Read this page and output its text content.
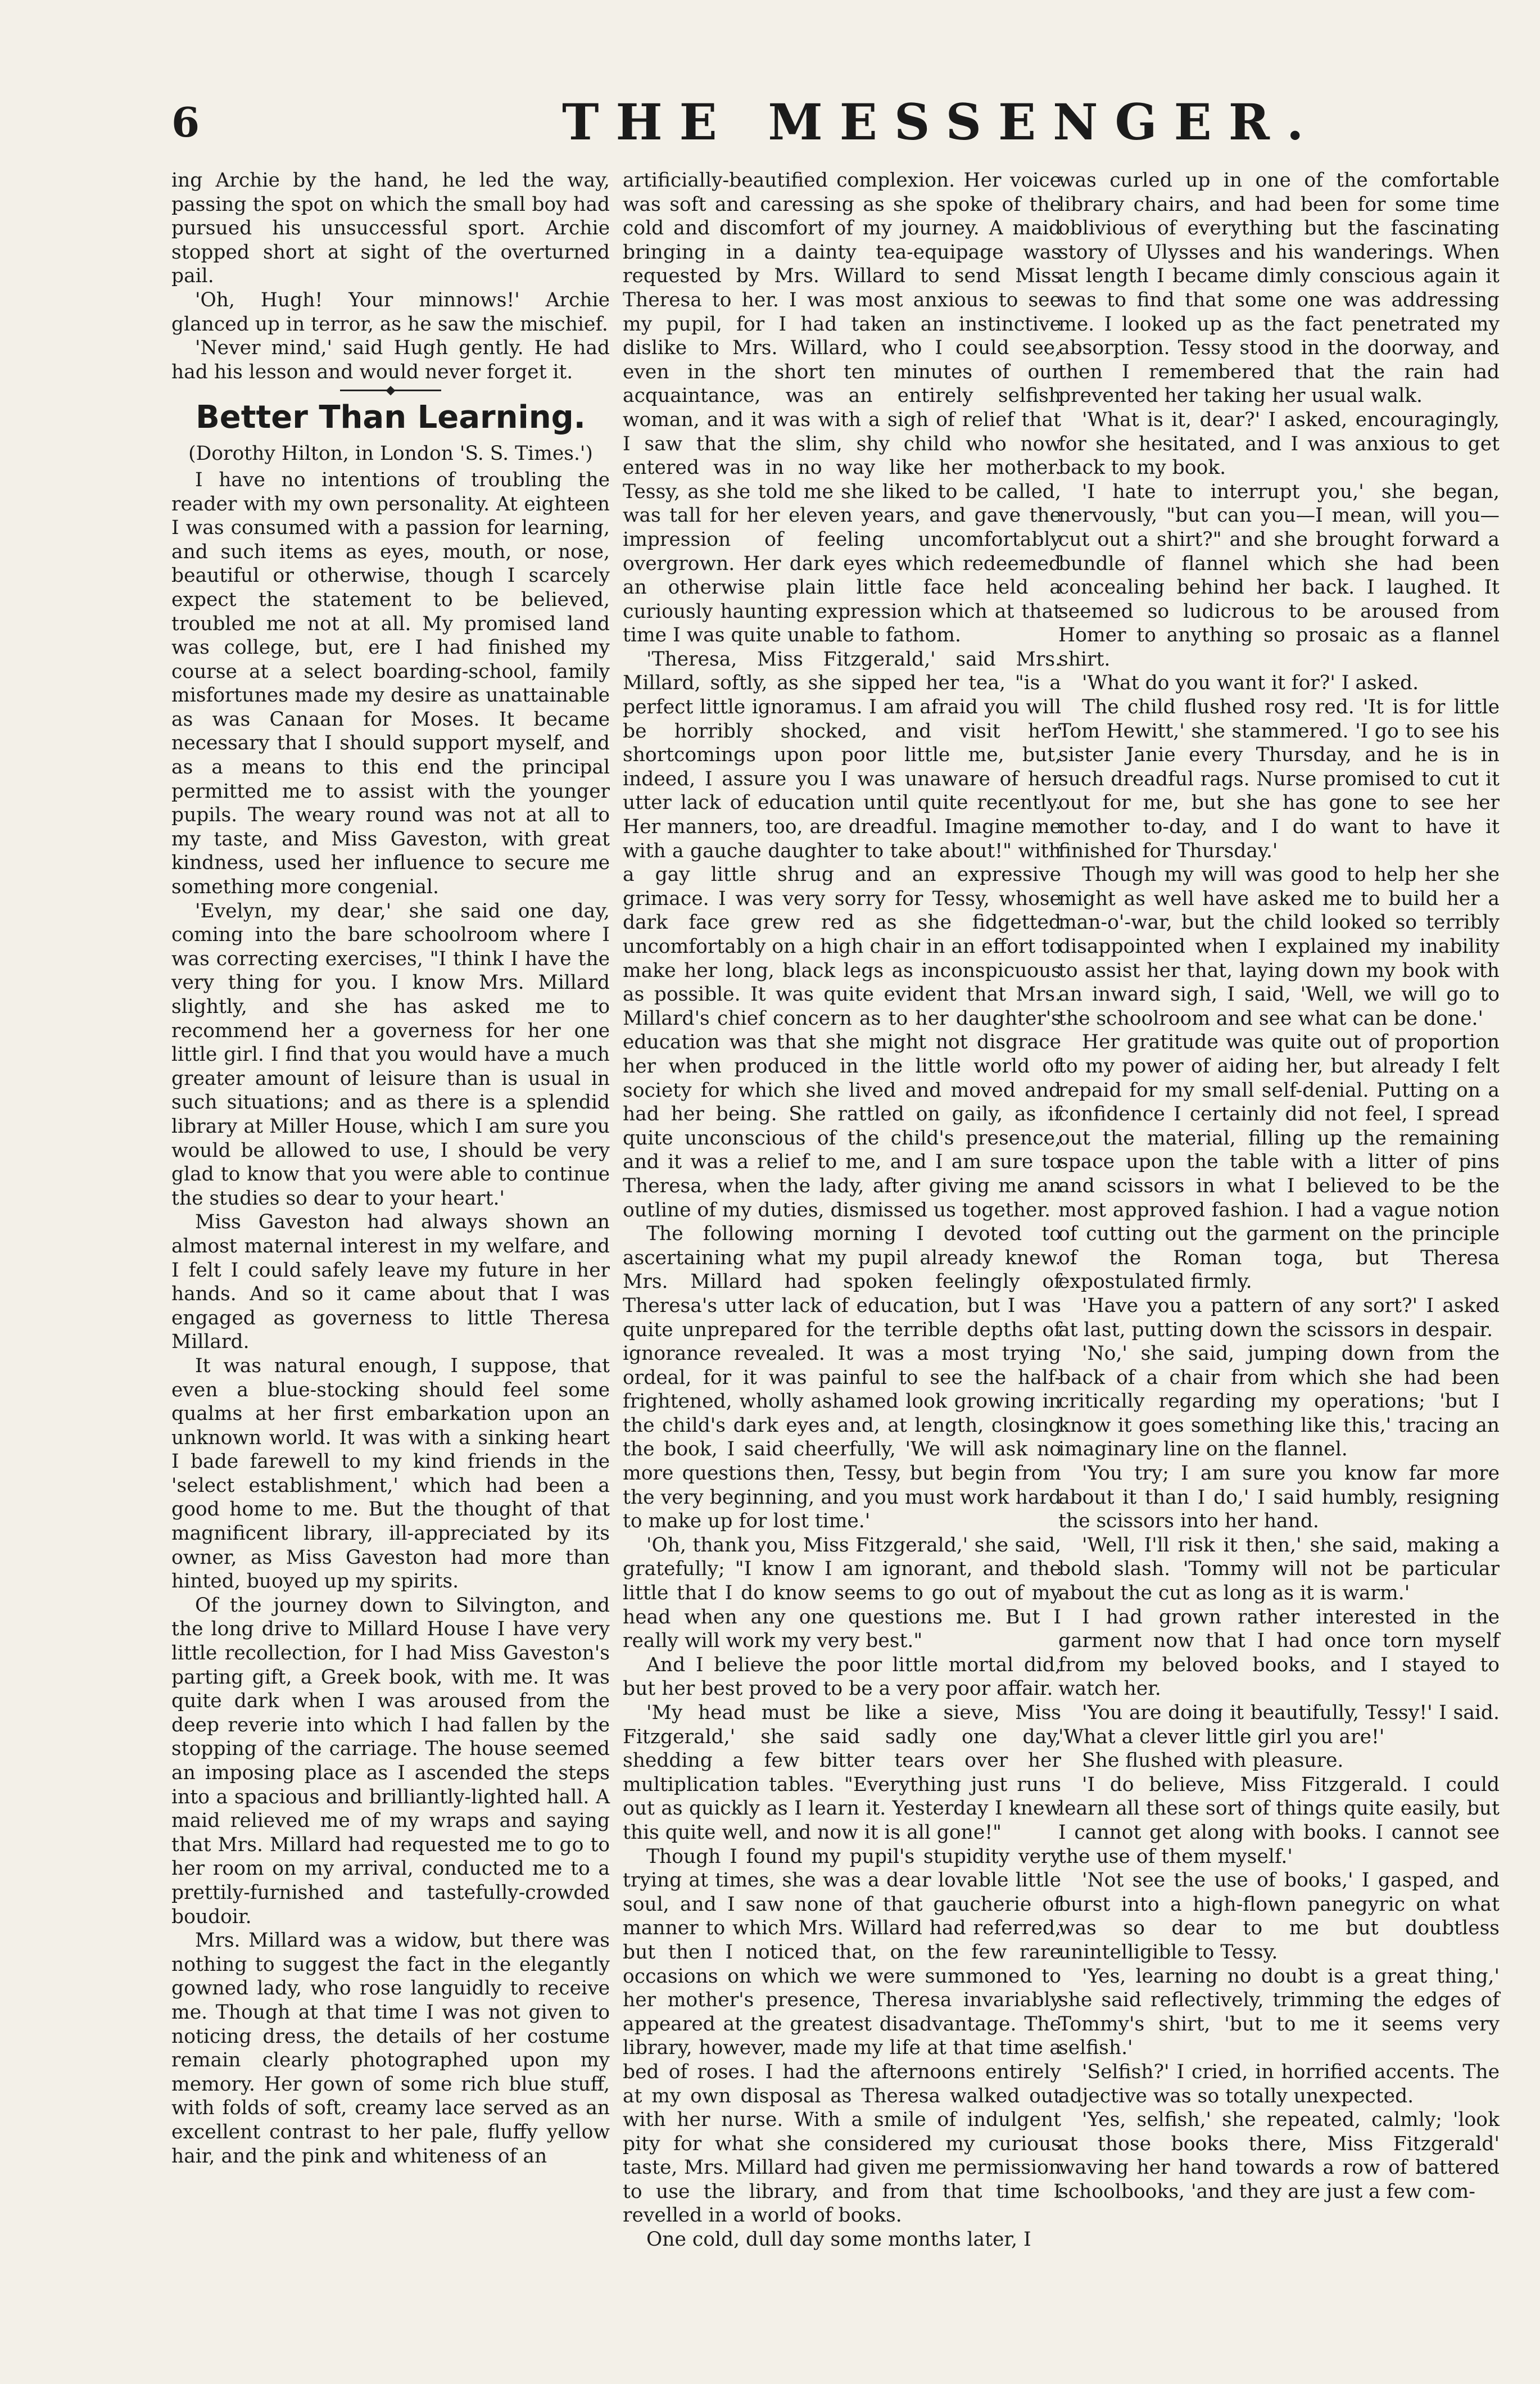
6	THE MESSENGER.

ing Archie by the hand, he led the way, passing the spot on which the small boy had pursued his unsuccessful sport. Archie stopped short at sight of the overturned pail.

'Oh, Hugh! Your minnows!' Archie glanced up in terror, as he saw the mischief.

'Never mind,' said Hugh gently. He had had his lesson and would never forget it.

Better Than Learning.

(Dorothy Hilton, in London 'S. S. Times.')

I have no intentions of troubling the reader with my own personality. At eighteen I was consumed with a passion for learning, and such items as eyes, mouth, or nose, beautiful or otherwise, though I scarcely expect the statement to be believed, troubled me not at all. My promised land was college, but, ere I had finished my course at a select boarding-school, family misfortunes made my desire as unattainable as was Canaan for Moses. It became necessary that I should support myself, and as a means to this end the principal permitted me to assist with the younger pupils. The weary round was not at all to my taste, and Miss Gaveston, with great kindness, used her influence to secure me something more congenial.

'Evelyn, my dear,' she said one day, coming into the bare schoolroom where I was correcting exercises, "I think I have the very thing for you. I know Mrs. Millard slightly, and she has asked me to recommend her a governess for her one little girl. I find that you would have a much greater amount of leisure than is usual in such situations; and as there is a splendid library at Miller House, which I am sure you would be allowed to use, I should be very glad to know that you were able to continue the studies so dear to your heart.'

Miss Gaveston had always shown an almost maternal interest in my welfare, and I felt I could safely leave my future in her hands. And so it came about that I was engaged as governess to little Theresa Millard.

It was natural enough, I suppose, that even a blue-stocking should feel some qualms at her first embarkation upon an unknown world. It was with a sinking heart I bade farewell to my kind friends in the 'select establishment,' which had been a good home to me. But the thought of that magnificent library, ill-appreciated by its owner, as Miss Gaveston had more than hinted, buoyed up my spirits.

Of the journey down to Silvington, and the long drive to Millard House I have very little recollection, for I had Miss Gaveston's parting gift, a Greek book, with me. It was quite dark when I was aroused from the deep reverie into which I had fallen by the stopping of the carriage. The house seemed an imposing place as I ascended the steps into a spacious and brilliantly-lighted hall. A maid relieved me of my wraps and saying that Mrs. Millard had requested me to go to her room on my arrival, conducted me to a prettily-furnished and tastefully-crowded boudoir.

Mrs. Millard was a widow, but there was nothing to suggest the fact in the elegantly gowned lady, who rose languidly to receive me. Though at that time I was not given to noticing dress, the details of her costume remain clearly photographed upon my memory. Her gown of some rich blue stuff, with folds of soft, creamy lace served as an excellent contrast to her pale, fluffy yellow hair, and the pink and whiteness of an

artificially-beautified complexion. Her voice was soft and caressing as she spoke of the cold and discomfort of my journey. A maid bringing in a dainty tea-equipage was requested by Mrs. Willard to send Miss Theresa to her. I was most anxious to see my pupil, for I had taken an instinctive dislike to Mrs. Willard, who I could see, even in the short ten minutes of our acquaintance, was an entirely selfish woman, and it was with a sigh of relief that I saw that the slim, shy child who now entered was in no way like her mother. Tessy, as she told me she liked to be called, was tall for her eleven years, and gave the impression of feeling uncomfortably overgrown. Her dark eyes which redeemed an otherwise plain little face held a curiously haunting expression which at that time I was quite unable to fathom.

'Theresa, Miss Fitzgerald,' said Mrs. Millard, softly, as she sipped her tea, "is a perfect little ignoramus. I am afraid you will be horribly shocked, and visit her shortcomings upon poor little me, but, indeed, I assure you I was unaware of her utter lack of education until quite recently. Her manners, too, are dreadful. Imagine me with a gauche daughter to take about!" with a gay little shrug and an expressive grimace. I was very sorry for Tessy, whose dark face grew red as she fidgetted uncomfortably on a high chair in an effort to make her long, black legs as inconspicuous as possible. It was quite evident that Mrs. Millard's chief concern as to her daughter's education was that she might not disgrace her when produced in the little world of society for which she lived and moved and had her being. She rattled on gaily, as if quite unconscious of the child's presence, and it was a relief to me, and I am sure to Theresa, when the lady, after giving me an outline of my duties, dismissed us together.

The following morning I devoted to ascertaining what my pupil already knew. Mrs. Millard had spoken feelingly of Theresa's utter lack of education, but I was quite unprepared for the terrible depths of ignorance revealed. It was a most trying ordeal, for it was painful to see the half-frightened, wholly ashamed look growing in the child's dark eyes and, at length, closing the book, I said cheerfully, 'We will ask no more questions then, Tessy, but begin from the very beginning, and you must work hard to make up for lost time.'

'Oh, thank you, Miss Fitzgerald,' she said, gratefully; "I know I am ignorant, and the little that I do know seems to go out of my head when any one questions me. But I really will work my very best."

And I believe the poor little mortal did, but her best proved to be a very poor affair.

'My head must be like a sieve, Miss Fitzgerald,' she said sadly one day, shedding a few bitter tears over her multiplication tables. "Everything just runs out as quickly as I learn it. Yesterday I knew this quite well, and now it is all gone!"

Though I found my pupil's stupidity very trying at times, she was a dear lovable little soul, and I saw none of that gaucherie of manner to which Mrs. Willard had referred, but then I noticed that, on the few rare occasions on which we were summoned to her mother's presence, Theresa invariably appeared at the greatest disadvantage. The library, however, made my life at that time a bed of roses. I had the afternoons entirely at my own disposal as Theresa walked out with her nurse. With a smile of indulgent pity for what she considered my curious taste, Mrs. Millard had given me permission to use the library, and from that time I revelled in a world of books.

One cold, dull day some months later, I

was curled up in one of the comfortable library chairs, and had been for some time oblivious of everything but the fascinating story of Ulysses and his wanderings. When at length I became dimly conscious again it was to find that some one was addressing me. I looked up as the fact penetrated my absorption. Tessy stood in the doorway, and then I remembered that the rain had prevented her taking her usual walk.

'What is it, dear?' I asked, encouragingly, for she hesitated, and I was anxious to get back to my book.

'I hate to interrupt you,' she began, nervously, "but can you—I mean, will you—cut out a shirt?" and she brought forward a bundle of flannel which she had been concealing behind her back. I laughed. It seemed so ludicrous to be aroused from Homer to anything so prosaic as a flannel shirt.

'What do you want it for?' I asked.

The child flushed rosy red. 'It is for little Tom Hewitt,' she stammered. 'I go to see his sister Janie every Thursday, and he is in such dreadful rags. Nurse promised to cut it out for me, but she has gone to see her mother to-day, and I do want to have it finished for Thursday.'

Though my will was good to help her she might as well have asked me to build her a man-o'-war, but the child looked so terribly disappointed when I explained my inability to assist her that, laying down my book with an inward sigh, I said, 'Well, we will go to the schoolroom and see what can be done.'

Her gratitude was quite out of proportion to my power of aiding her, but already I felt repaid for my small self-denial. Putting on a confidence I certainly did not feel, I spread out the material, filling up the remaining space upon the table with a litter of pins and scissors in what I believed to be the most approved fashion. I had a vague notion of cutting out the garment on the principle of the Roman toga, but Theresa expostulated firmly.

'Have you a pattern of any sort?' I asked at last, putting down the scissors in despair.

'No,' she said, jumping down from the back of a chair from which she had been critically regarding my operations; 'but I know it goes something like this,' tracing an imaginary line on the flannel.

'You try; I am sure you know far more about it than I do,' I said humbly, resigning the scissors into her hand.

'Well, I'll risk it then,' she said, making a bold slash. 'Tommy will not be particular about the cut as long as it is warm.'

I had grown rather interested in the garment now that I had once torn myself from my beloved books, and I stayed to watch her.

'You are doing it beautifully, Tessy!' I said. 'What a clever little girl you are!'

She flushed with pleasure.

'I do believe, Miss Fitzgerald. I could learn all these sort of things quite easily, but I cannot get along with books. I cannot see the use of them myself.'

'Not see the use of books,' I gasped, and burst into a high-flown panegyric on what was so dear to me but doubtless unintelligible to Tessy.

'Yes, learning no doubt is a great thing,' she said reflectively, trimming the edges of Tommy's shirt, 'but to me it seems very selfish.'

'Selfish?' I cried, in horrified accents. The adjective was so totally unexpected.

'Yes, selfish,' she repeated, calmly; 'look at those books there, Miss Fitzgerald' waving her hand towards a row of battered schoolbooks, 'and they are just a few com-
